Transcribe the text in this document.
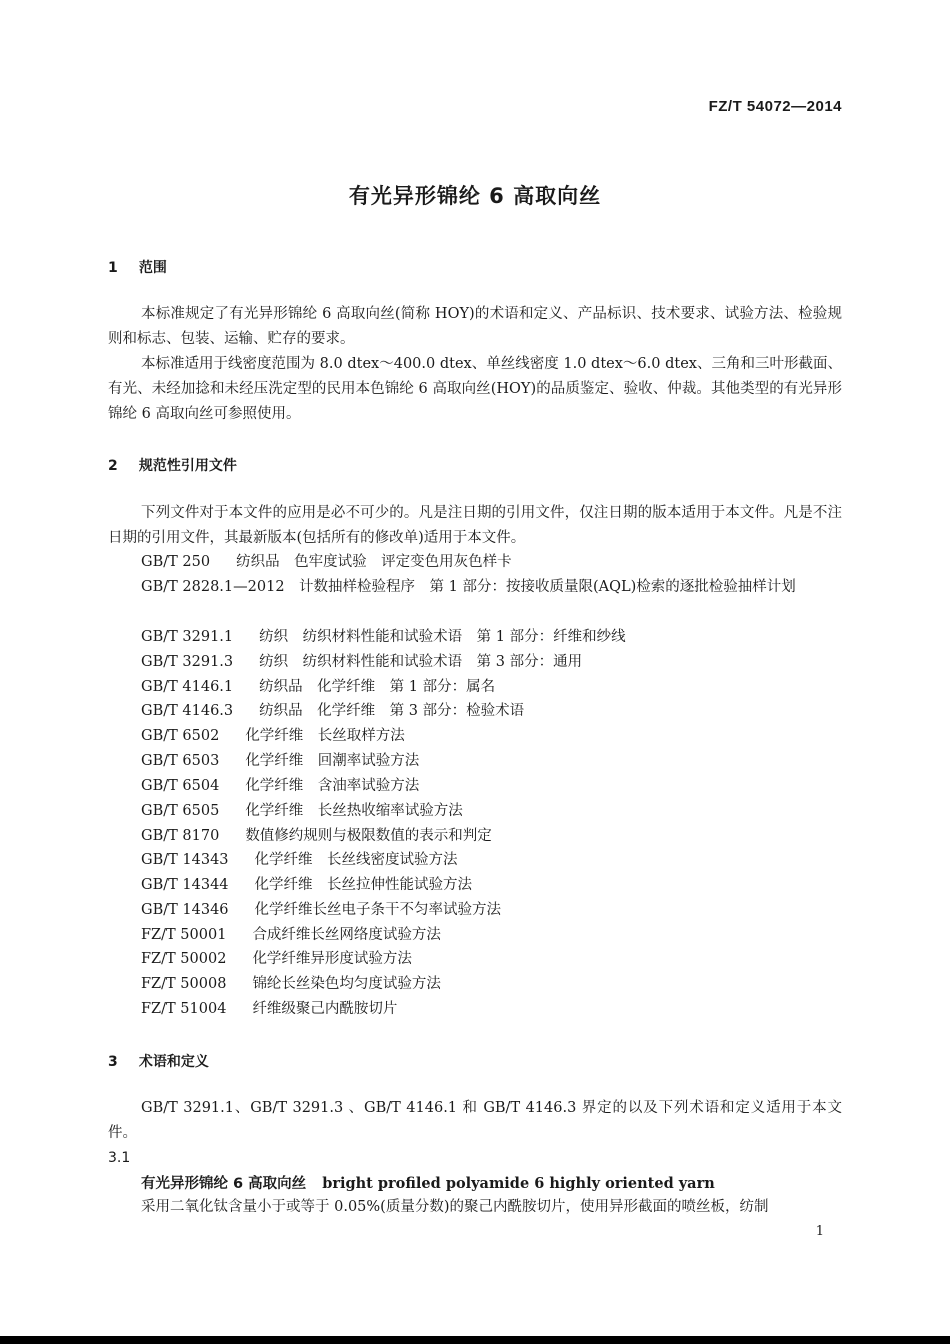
FZ/T 54072—2014
有光异形锦纶 6 高取向丝
1 范围
本标准规定了有光异形锦纶 6 高取向丝(简称 HOY)的术语和定义、产品标识、技术要求、试验方法、检验规则和标志、包装、运输、贮存的要求。
本标准适用于线密度范围为 8.0 dtex～400.0 dtex、单丝线密度 1.0 dtex～6.0 dtex、三角和三叶形截面、有光、未经加捻和未经压洗定型的民用本色锦纶 6 高取向丝(HOY)的品质鉴定、验收、仲裁。其他类型的有光异形锦纶 6 高取向丝可参照使用。
2 规范性引用文件
下列文件对于本文件的应用是必不可少的。凡是注日期的引用文件，仅注日期的版本适用于本文件。凡是不注日期的引用文件，其最新版本(包括所有的修改单)适用于本文件。
GB/T 250 纺织品　色牢度试验　评定变色用灰色样卡
GB/T 2828.1—2012　计数抽样检验程序　第 1 部分：按接收质量限(AQL)检索的逐批检验抽样计划
GB/T 3291.1 纺织　纺织材料性能和试验术语　第 1 部分：纤维和纱线
GB/T 3291.3 纺织　纺织材料性能和试验术语　第 3 部分：通用
GB/T 4146.1 纺织品　化学纤维　第 1 部分：属名
GB/T 4146.3 纺织品　化学纤维　第 3 部分：检验术语
GB/T 6502 化学纤维　长丝取样方法
GB/T 6503 化学纤维　回潮率试验方法
GB/T 6504 化学纤维　含油率试验方法
GB/T 6505 化学纤维　长丝热收缩率试验方法
GB/T 8170 数值修约规则与极限数值的表示和判定
GB/T 14343 化学纤维　长丝线密度试验方法
GB/T 14344 化学纤维　长丝拉伸性能试验方法
GB/T 14346 化学纤维长丝电子条干不匀率试验方法
FZ/T 50001 合成纤维长丝网络度试验方法
FZ/T 50002 化学纤维异形度试验方法
FZ/T 50008 锦纶长丝染色均匀度试验方法
FZ/T 51004 纤维级聚己内酰胺切片
3 术语和定义
GB/T 3291.1、GB/T 3291.3 、GB/T 4146.1 和 GB/T 4146.3 界定的以及下列术语和定义适用于本文件。
3.1
有光异形锦纶 6 高取向丝 bright profiled polyamide 6 highly oriented yarn
采用二氧化钛含量小于或等于 0.05%(质量分数)的聚己内酰胺切片，使用异形截面的喷丝板，纺制
1
